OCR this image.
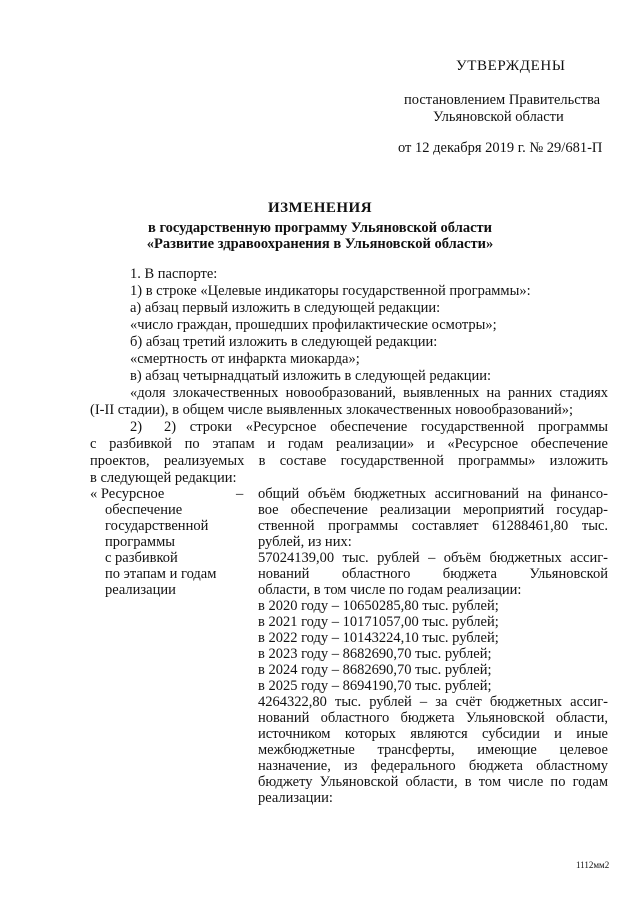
УТВЕРЖДЕНЫ
постановлением Правительства
Ульяновской области
от 12 декабря 2019 г. № 29/681-П
ИЗМЕНЕНИЯ
в государственную программу Ульяновской области
«Развитие здравоохранения в Ульяновской области»
1. В паспорте:
1) в строке «Целевые индикаторы государственной программы»:
а) абзац первый изложить в следующей редакции:
«число граждан, прошедших профилактические осмотры»;
б) абзац третий изложить в следующей редакции:
«смертность от инфаркта миокарда»;
в) абзац четырнадцатый изложить в следующей редакции:
«доля злокачественных новообразований, выявленных на ранних стадиях
(I-II стадии), в общем числе выявленных злокачественных новообразований»;
2) 2) строки «Ресурсное обеспечение государственной программы
с разбивкой по этапам и годам реализации» и «Ресурсное обеспечение
проектов, реализуемых в составе государственной программы» изложить
в следующей редакции:
« Ресурсное
обеспечение
государственной
программы
с разбивкой
по этапам и годам
реализации
– общий объём бюджетных ассигнований на финансо-
вое обеспечение реализации мероприятий государ-
ственной программы составляет 61288461,80 тыс.
рублей, из них:
57024139,00 тыс. рублей – объём бюджетных ассиг-
нований областного бюджета Ульяновской
области, в том числе по годам реализации:
в 2020 году – 10650285,80 тыс. рублей;
в 2021 году – 10171057,00 тыс. рублей;
в 2022 году – 10143224,10 тыс. рублей;
в 2023 году – 8682690,70 тыс. рублей;
в 2024 году – 8682690,70 тыс. рублей;
в 2025 году – 8694190,70 тыс. рублей;
4264322,80 тыс. рублей – за счёт бюджетных ассиг-
нований областного бюджета Ульяновской области,
источником которых являются субсидии и иные
межбюджетные трансферты, имеющие целевое
назначение, из федерального бюджета областному
бюджету Ульяновской области, в том числе по годам
реализации:
1112мм2
